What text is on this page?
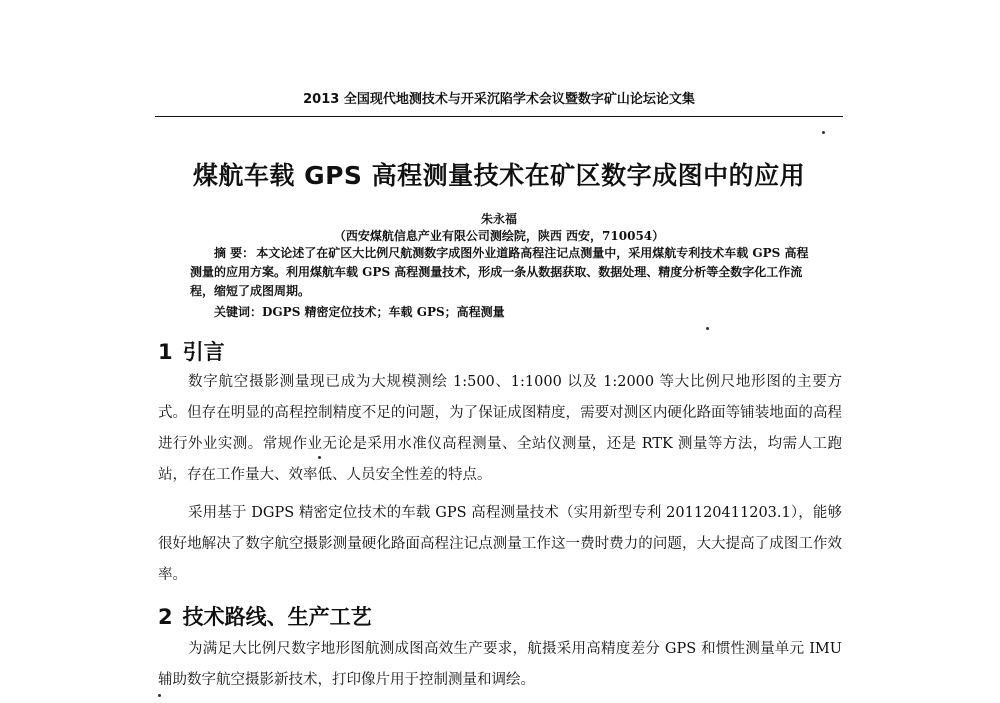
2013 全国现代地测技术与开采沉陷学术会议暨数字矿山论坛论文集
煤航车载 GPS 高程测量技术在矿区数字成图中的应用
朱永福
（西安煤航信息产业有限公司测绘院，陕西 西安，710054）
摘 要： 本文论述了在矿区大比例尺航测数字成图外业道路高程注记点测量中，采用煤航专利技术车载 GPS 高程测量的应用方案。利用煤航车载 GPS 高程测量技术，形成一条从数据获取、数据处理、精度分析等全数字化工作流程，缩短了成图周期。
关键词：DGPS 精密定位技术；车载 GPS；高程测量
1 引言
数字航空摄影测量现已成为大规模测绘 1:500、1:1000 以及 1:2000 等大比例尺地形图的主要方式。但存在明显的高程控制精度不足的问题，为了保证成图精度，需要对测区内硬化路面等铺装地面的高程进行外业实测。常规作业无论是采用水准仪高程测量、全站仪测量，还是 RTK 测量等方法，均需人工跑站，存在工作量大、效率低、人员安全性差的特点。
采用基于 DGPS 精密定位技术的车载 GPS 高程测量技术（实用新型专利 201120411203.1），能够很好地解决了数字航空摄影测量硬化路面高程注记点测量工作这一费时费力的问题，大大提高了成图工作效率。
2 技术路线、生产工艺
为满足大比例尺数字地形图航测成图高效生产要求，航摄采用高精度差分 GPS 和惯性测量单元 IMU 辅助数字航空摄影新技术，打印像片用于控制测量和调绘。
